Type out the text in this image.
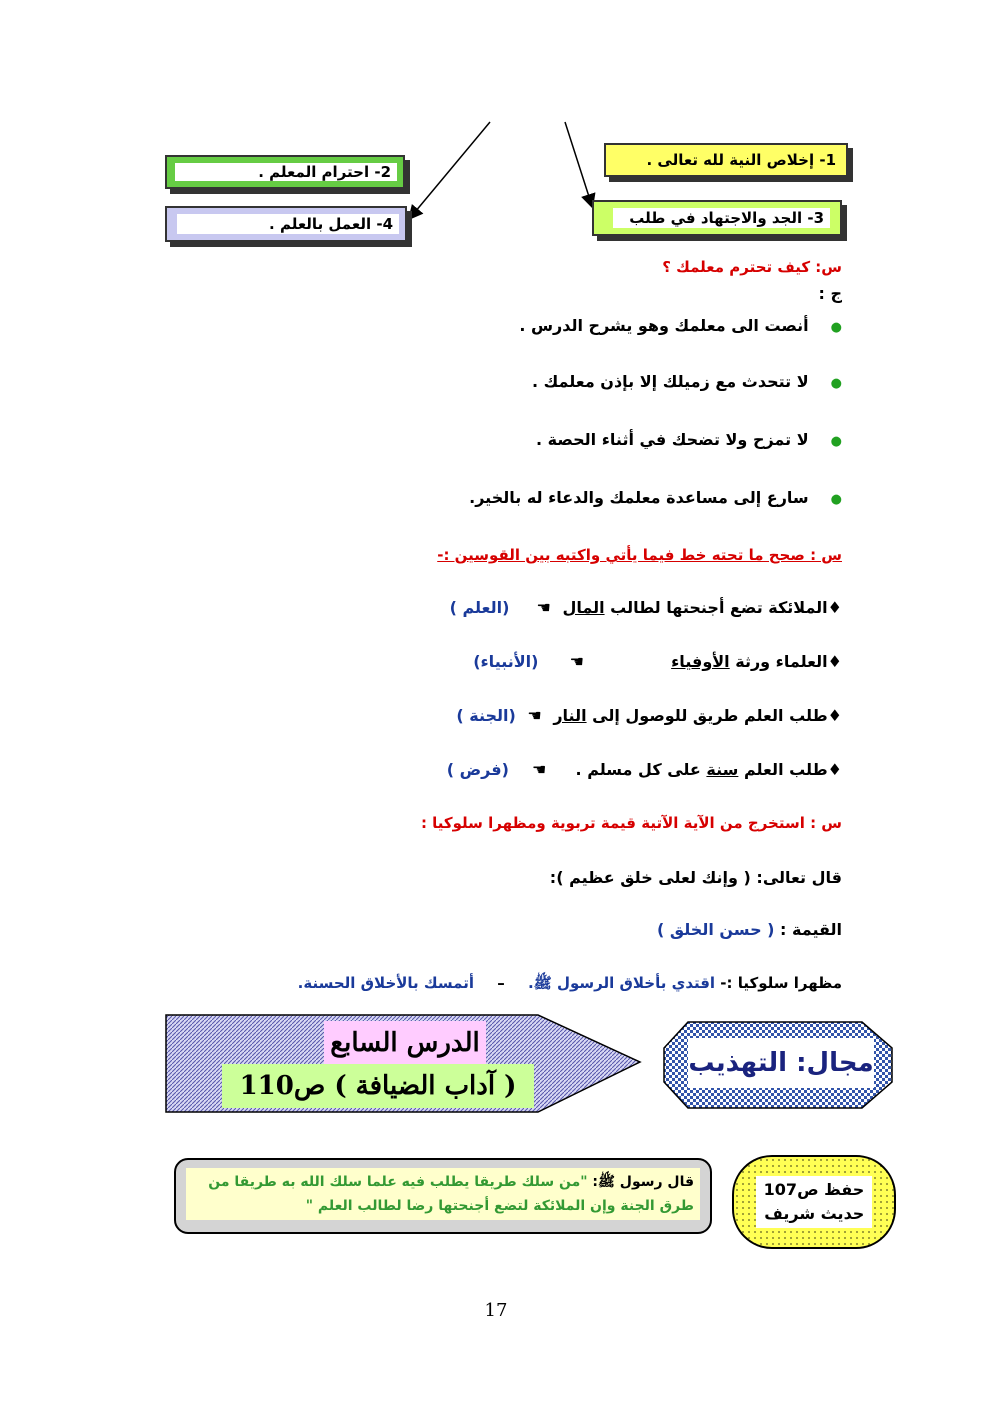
1- إخلاص النية لله تعالى .
2- احترام المعلم .
3- الجد والاجتهاد في طلب
4- العمل بالعلم .
س: كيف تحترم معلمك ؟
ج :
●أنصت الى معلمك وهو يشرح الدرس .
●لا تتحدث مع زميلك إلا بإذن معلمك .
●لا تمزح ولا تضحك في أثناء الحصة .
●سارع إلى مساعدة معلمك والدعاء له بالخير.
س : صحح ما تحته خط فيما يأتي واكتبه بين القوسين :-
♦الملائكة تضع أجنحتها لطالب المال ☚  (العلم )
♦العلماء ورثة الأوفياء  ☚  (الأنبياء)
♦طلب العلم طريق للوصول إلى النار ☚ (الجنة )
♦طلب العلم سنة على كل مسلم .  ☚  (فرض )
س : استخرج من الآية الآتية قيمة تربوية ومظهرا سلوكيا :
قال تعالى: ( وإنك لعلى خلق عظيم ):
القيمة : ( حسن الخلق )
مظهرا سلوكيا :- اقتدي بأخلاق الرسول ﷺ. – أتمسك بالأخلاق الحسنة.
مجال: التهذيب
الدرس السابع
( آداب الضيافة ) ص110
حفظ ص107
حديث شريف
قال رسول ﷺ: "من سلك طريقا يطلب فيه علما سلك الله به طريقا من طرق الجنة وإن الملائكة لتضع أجنحتها رضا لطالب العلم "
17
